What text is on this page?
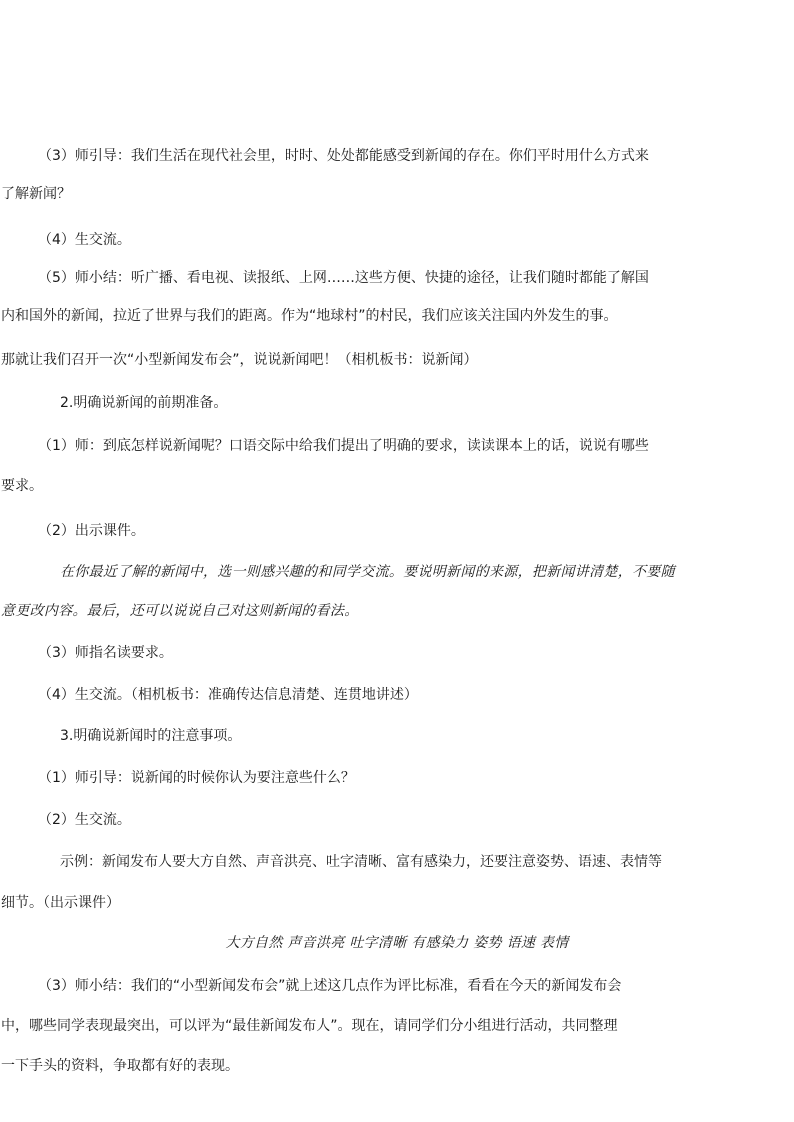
（3）师引导：我们生活在现代社会里，时时、处处都能感受到新闻的存在。你们平时用什么方式来
了解新闻？
（4）生交流。
（5）师小结：听广播、看电视、读报纸、上网……这些方便、快捷的途径，让我们随时都能了解国
内和国外的新闻，拉近了世界与我们的距离。作为“地球村”的村民，我们应该关注国内外发生的事。
那就让我们召开一次“小型新闻发布会”，说说新闻吧！（相机板书：说新闻）
2.明确说新闻的前期准备。
（1）师：到底怎样说新闻呢？口语交际中给我们提出了明确的要求，读读课本上的话，说说有哪些
要求。
（2）出示课件。
在你最近了解的新闻中，选一则感兴趣的和同学交流。要说明新闻的来源，把新闻讲清楚，不要随
意更改内容。最后，还可以说说自己对这则新闻的看法。
（3）师指名读要求。
（4）生交流。（相机板书：准确传达信息清楚、连贯地讲述）
3.明确说新闻时的注意事项。
（1）师引导：说新闻的时候你认为要注意些什么？
（2）生交流。
示例：新闻发布人要大方自然、声音洪亮、吐字清晰、富有感染力，还要注意姿势、语速、表情等
细节。（出示课件）
大方自然 声音洪亮 吐字清晰 有感染力 姿势 语速 表情
（3）师小结：我们的“小型新闻发布会”就上述这几点作为评比标准，看看在今天的新闻发布会
中，哪些同学表现最突出，可以评为“最佳新闻发布人”。现在，请同学们分小组进行活动，共同整理
一下手头的资料，争取都有好的表现。
